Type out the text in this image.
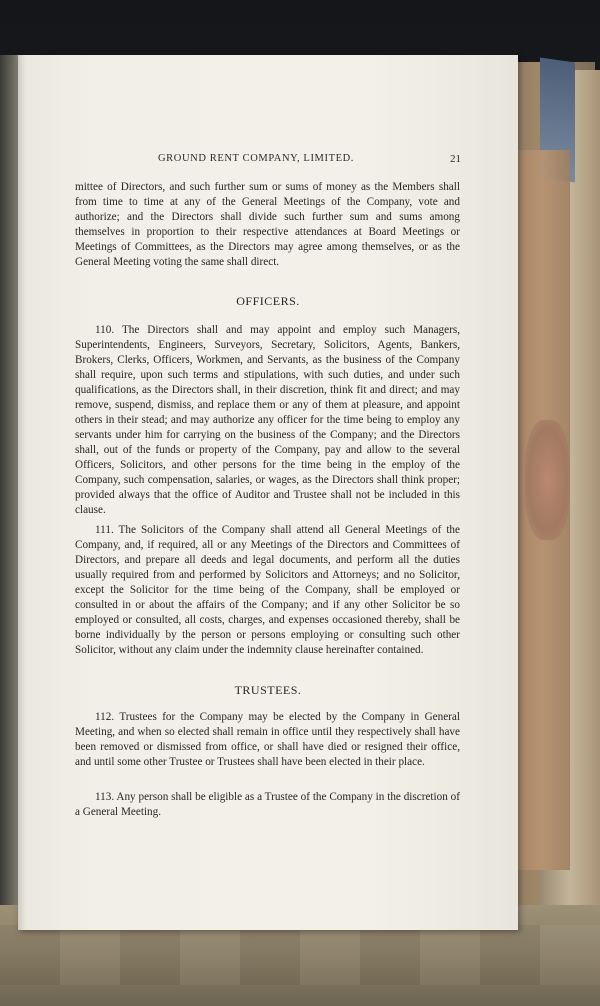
GROUND RENT COMPANY, LIMITED.	21
mittee of Directors, and such further sum or sums of money as the Members shall from time to time at any of the General Meetings of the Company, vote and authorize; and the Directors shall divide such further sum and sums among themselves in proportion to their respective attendances at Board Meetings or Meetings of Committees, as the Directors may agree among themselves, or as the General Meeting voting the same shall direct.
OFFICERS.
110. The Directors shall and may appoint and employ such Managers, Superintendents, Engineers, Surveyors, Secretary, Solicitors, Agents, Bankers, Brokers, Clerks, Officers, Workmen, and Servants, as the business of the Company shall require, upon such terms and stipulations, with such duties, and under such qualifications, as the Directors shall, in their discretion, think fit and direct; and may remove, suspend, dismiss, and replace them or any of them at pleasure, and appoint others in their stead; and may authorize any officer for the time being to employ any servants under him for carrying on the business of the Company; and the Directors shall, out of the funds or property of the Company, pay and allow to the several Officers, Solicitors, and other persons for the time being in the employ of the Company, such compensation, salaries, or wages, as the Directors shall think proper; provided always that the office of Auditor and Trustee shall not be included in this clause.
111. The Solicitors of the Company shall attend all General Meetings of the Company, and, if required, all or any Meetings of the Directors and Committees of Directors, and prepare all deeds and legal documents, and perform all the duties usually required from and performed by Solicitors and Attorneys; and no Solicitor, except the Solicitor for the time being of the Company, shall be employed or consulted in or about the affairs of the Company; and if any other Solicitor be so employed or consulted, all costs, charges, and expenses occasioned thereby, shall be borne individually by the person or persons employing or consulting such other Solicitor, without any claim under the indemnity clause hereinafter contained.
TRUSTEES.
112. Trustees for the Company may be elected by the Company in General Meeting, and when so elected shall remain in office until they respectively shall have been removed or dismissed from office, or shall have died or resigned their office, and until some other Trustee or Trustees shall have been elected in their place.
113. Any person shall be eligible as a Trustee of the Company in the discretion of a General Meeting.
